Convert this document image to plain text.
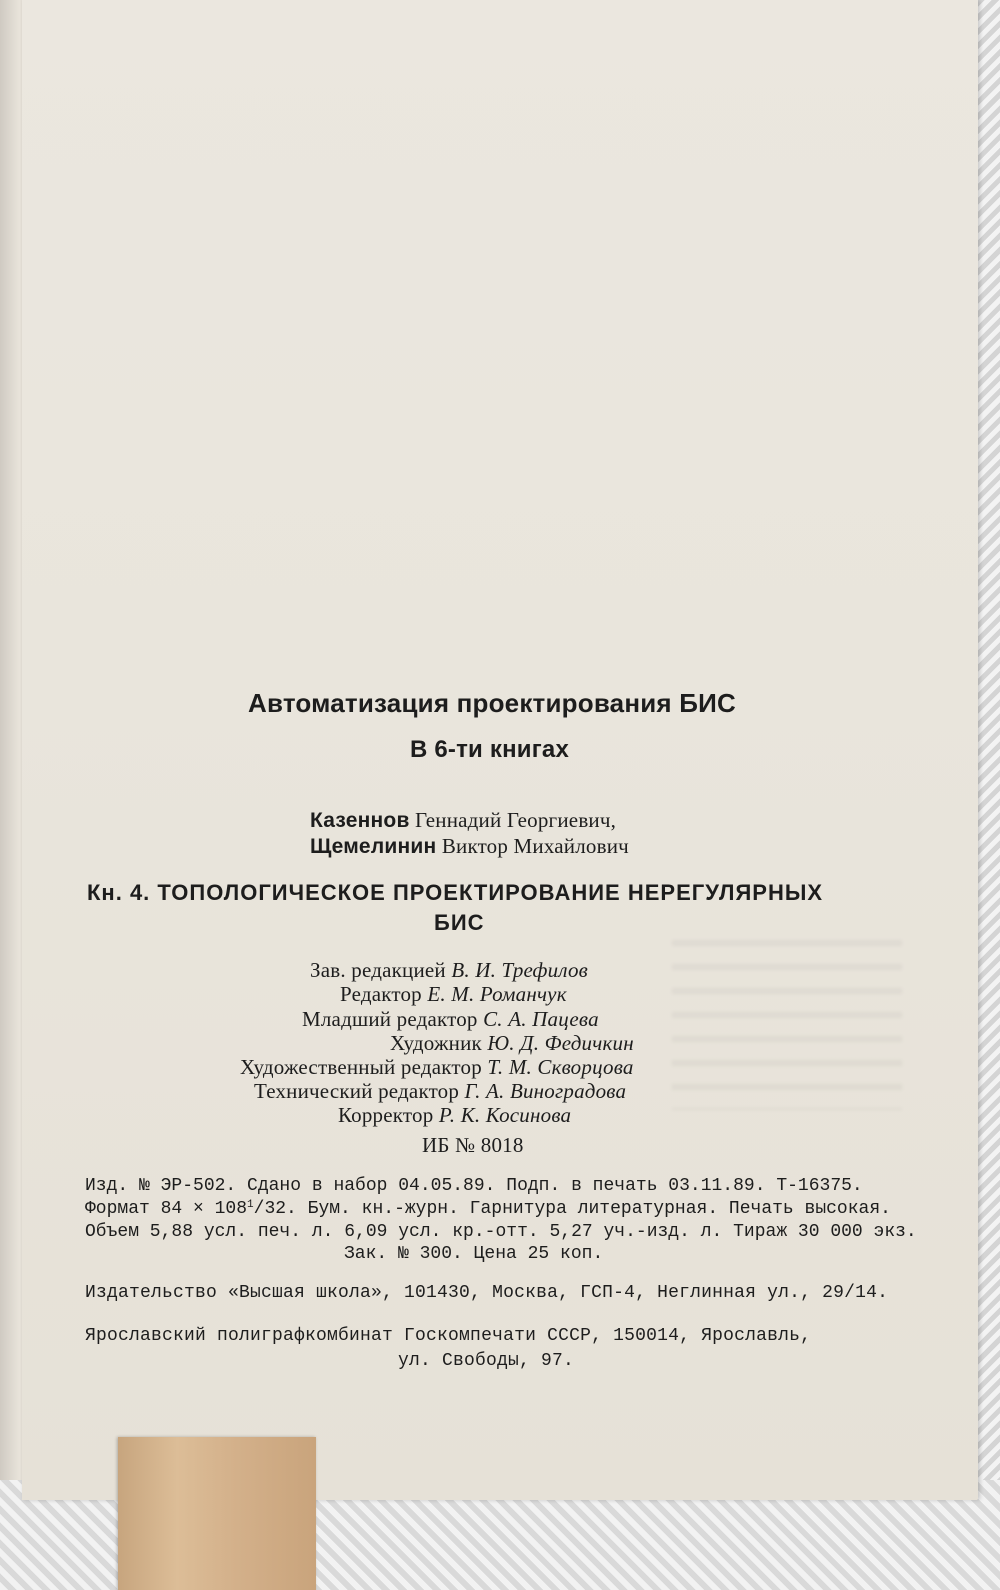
Автоматизация проектирования БИС
В 6-ти книгах
Казеннов Геннадий Георгиевич,
Щемелинин Виктор Михайлович
Кн. 4. ТОПОЛОГИЧЕСКОЕ ПРОЕКТИРОВАНИЕ НЕРЕГУЛЯРНЫХ
БИС
Зав. редакцией В. И. Трефилов
Редактор Е. М. Романчук
Младший редактор С. А. Пацева
Художник Ю. Д. Федичкин
Художественный редактор Т. М. Скворцова
Технический редактор Г. А. Виноградова
Корректор Р. К. Косинова
ИБ № 8018
Изд. № ЭР-502. Сдано в набор 04.05.89. Подп. в печать 03.11.89. Т-16375.
Формат $84 \times 108^1/32$. Бум. кн.-журн. Гарнитура литературная. Печать высокая.
Объем 5,88 усл. печ. л. 6,09 усл. кр.-отт. 5,27 уч.-изд. л. Тираж 30 000 экз.
Зак. № 300. Цена 25 коп.
Издательство «Высшая школа», 101430, Москва, ГСП-4, Неглинная ул., 29/14.
Ярославский полиграфкомбинат Госкомпечати СССР, 150014, Ярославль,
ул. Свободы, 97.
